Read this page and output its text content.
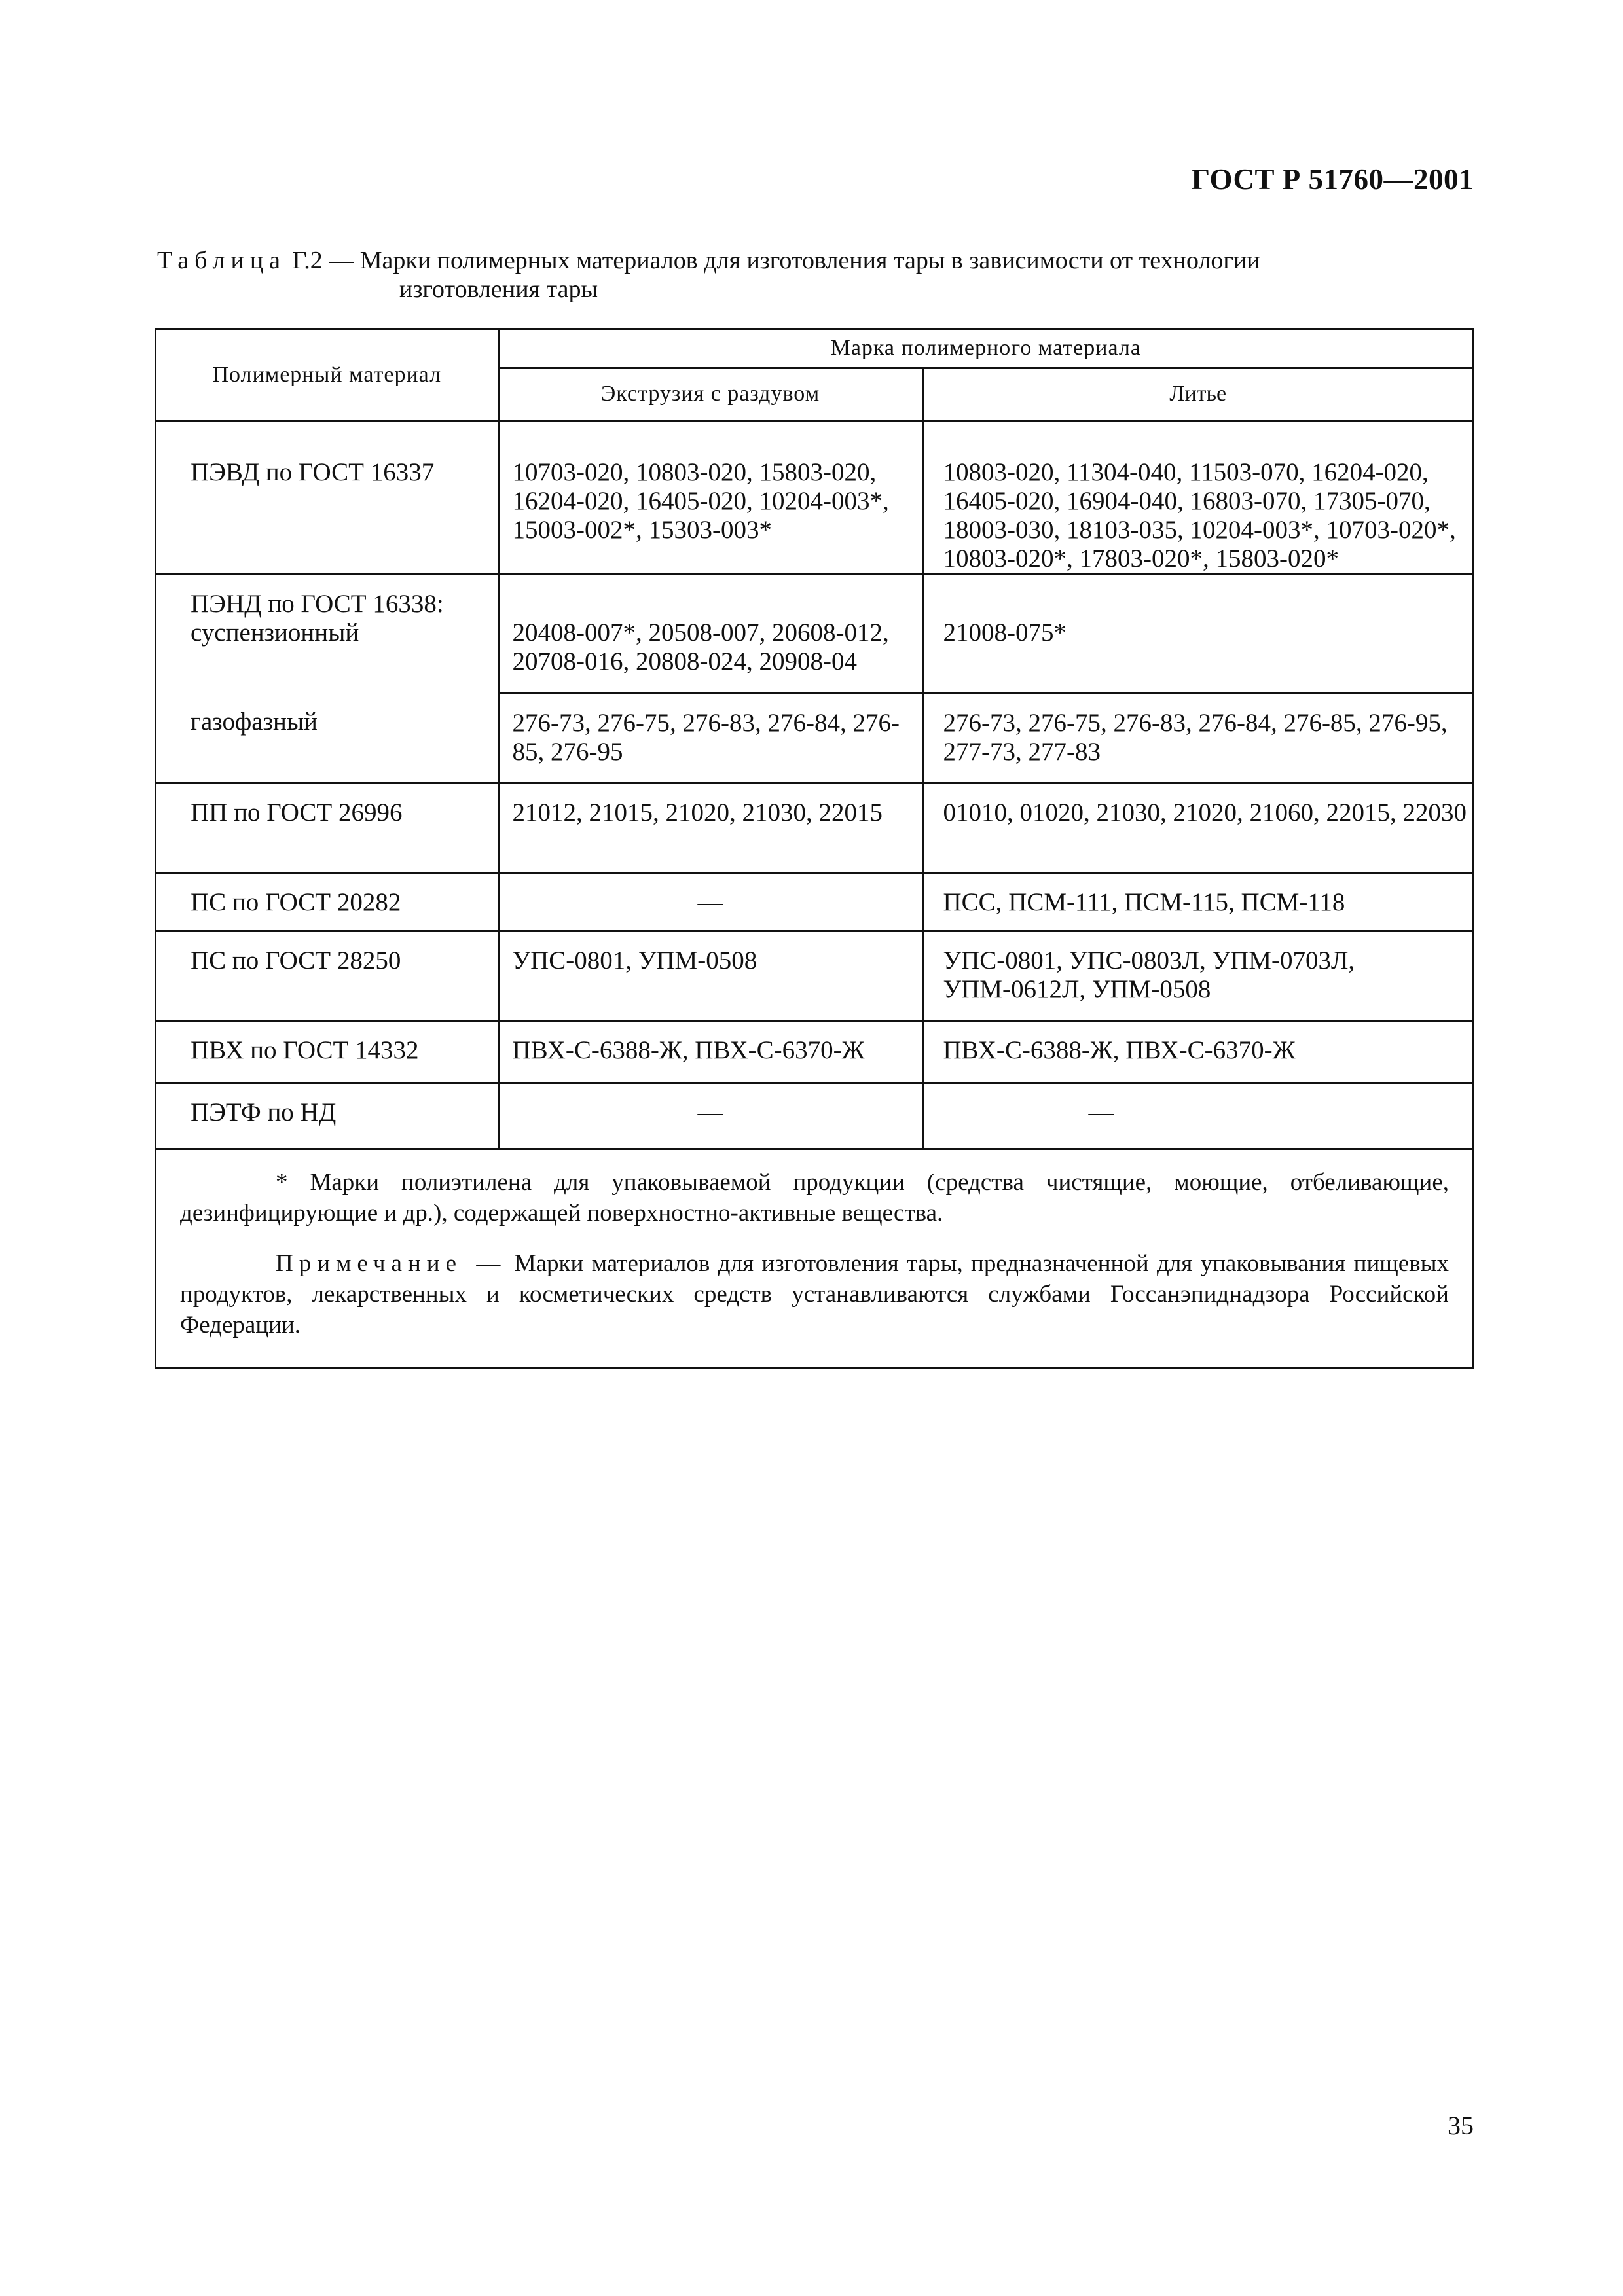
ГОСТ Р 51760—2001
Таблица Г.2 — Марки полимерных материалов для изготовления тары в зависимости от технологии
изготовления тары
Полимерный материал	Марка полимерного материала	
	Экструзия с раздувом	Литье

ПЭВД по ГОСТ 16337	10703-020, 10803-020, 15803-020, 16204-020, 16405-020, 10204-003*, 15003-002*, 15303-003*	10803-020, 11304-040, 11503-070, 16204-020, 16405-020, 16904-040, 16803-070, 17305-070, 18003-030, 18103-035, 10204-003*, 10703-020*, 10803-020*, 17803-020*, 15803-020*

ПЭНД по ГОСТ 16338:
суспензионный	20408-007*, 20508-007, 20608-012, 20708-016, 20808-024, 20908-04	21008-075*
газофазный	276-73, 276-75, 276-83, 276-84, 276-85, 276-95	276-73, 276-75, 276-83, 276-84, 276-85, 276-95, 277-73, 277-83
ПП по ГОСТ 26996	21012, 21015, 21020, 21030, 22015	01010, 01020, 21030, 21020, 21060, 22015, 22030
ПС по ГОСТ 20282	—	ПСС, ПСМ-111, ПСМ-115, ПСМ-118
ПС по ГОСТ 28250	УПС-0801, УПМ-0508	УПС-0801, УПС-0803Л, УПМ-0703Л, УПМ-0612Л, УПМ-0508
ПВХ по ГОСТ 14332	ПВХ-С-6388-Ж, ПВХ-С-6370-Ж	ПВХ-С-6388-Ж, ПВХ-С-6370-Ж
ПЭТФ по НД	—	—

* Марки полиэтилена для упаковываемой продукции (средства чистящие, моющие, отбеливающие, дезинфицирующие и др.), содержащей поверхностно-активные вещества.

Примечание — Марки материалов для изготовления тары, предназначенной для упаковывания пищевых продуктов, лекарственных и косметических средств устанавливаются службами Госсанэпиднадзора Российской Федерации.

35
